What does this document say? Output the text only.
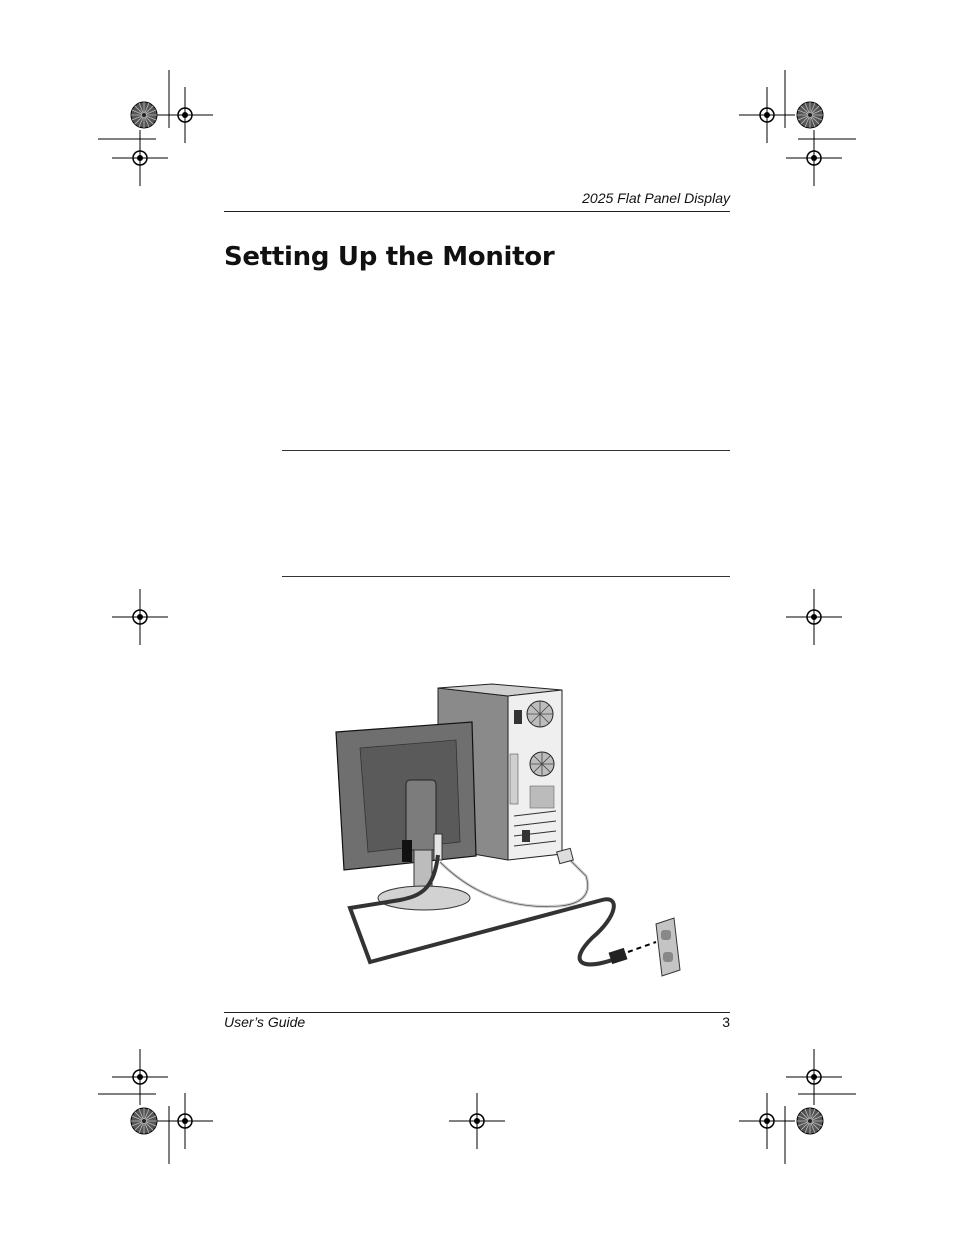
2025 Flat Panel Display
Setting Up the Monitor
User’s Guide	3
